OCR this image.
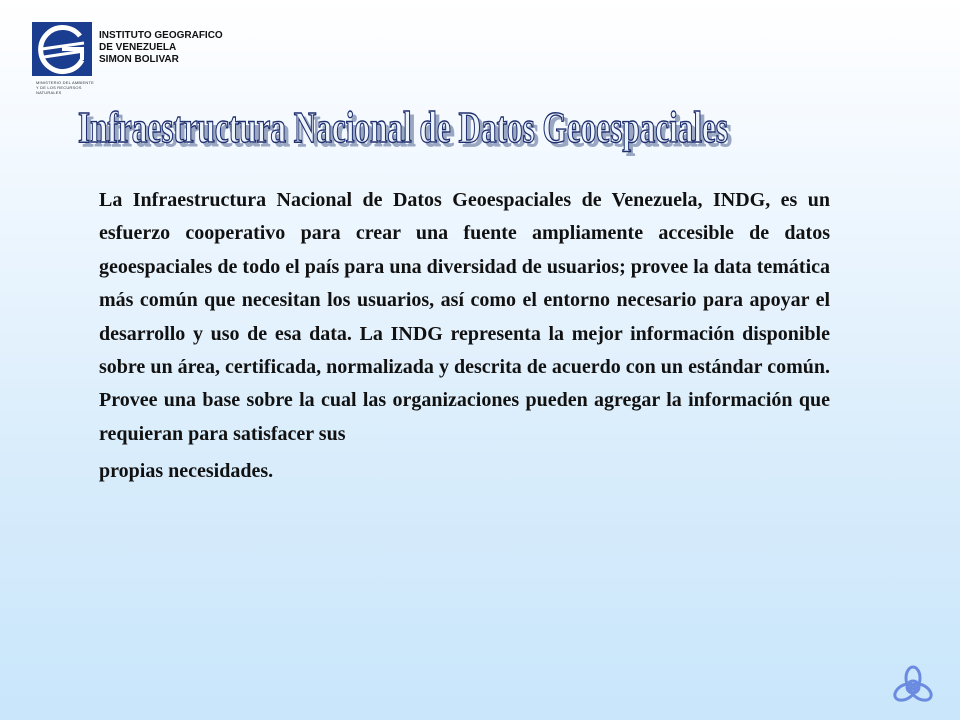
MINISTERIO DEL AMBIENTE
Y DE LOS RECURSOS NATURALES
INSTITUTO GEOGRAFICO
DE VENEZUELA
SIMON BOLIVAR
Infraestructura Nacional de Datos Geoespaciales
Infraestructura Nacional de Datos Geoespaciales
La Infraestructura Nacional de Datos Geoespaciales de Venezuela, INDG, es un esfuerzo cooperativo para crear una fuente ampliamente accesible de datos geoespaciales de todo el país para una diversidad de usuarios; provee la data temática más común que necesitan los usuarios, así como el entorno necesario para apoyar el desarrollo y uso de esa data. La INDG representa la mejor información disponible sobre un área, certificada, normalizada y descrita de acuerdo con un estándar común. Provee una base sobre la cual las organizaciones pueden agregar la información que requieran para satisfacer sus
propias necesidades.
